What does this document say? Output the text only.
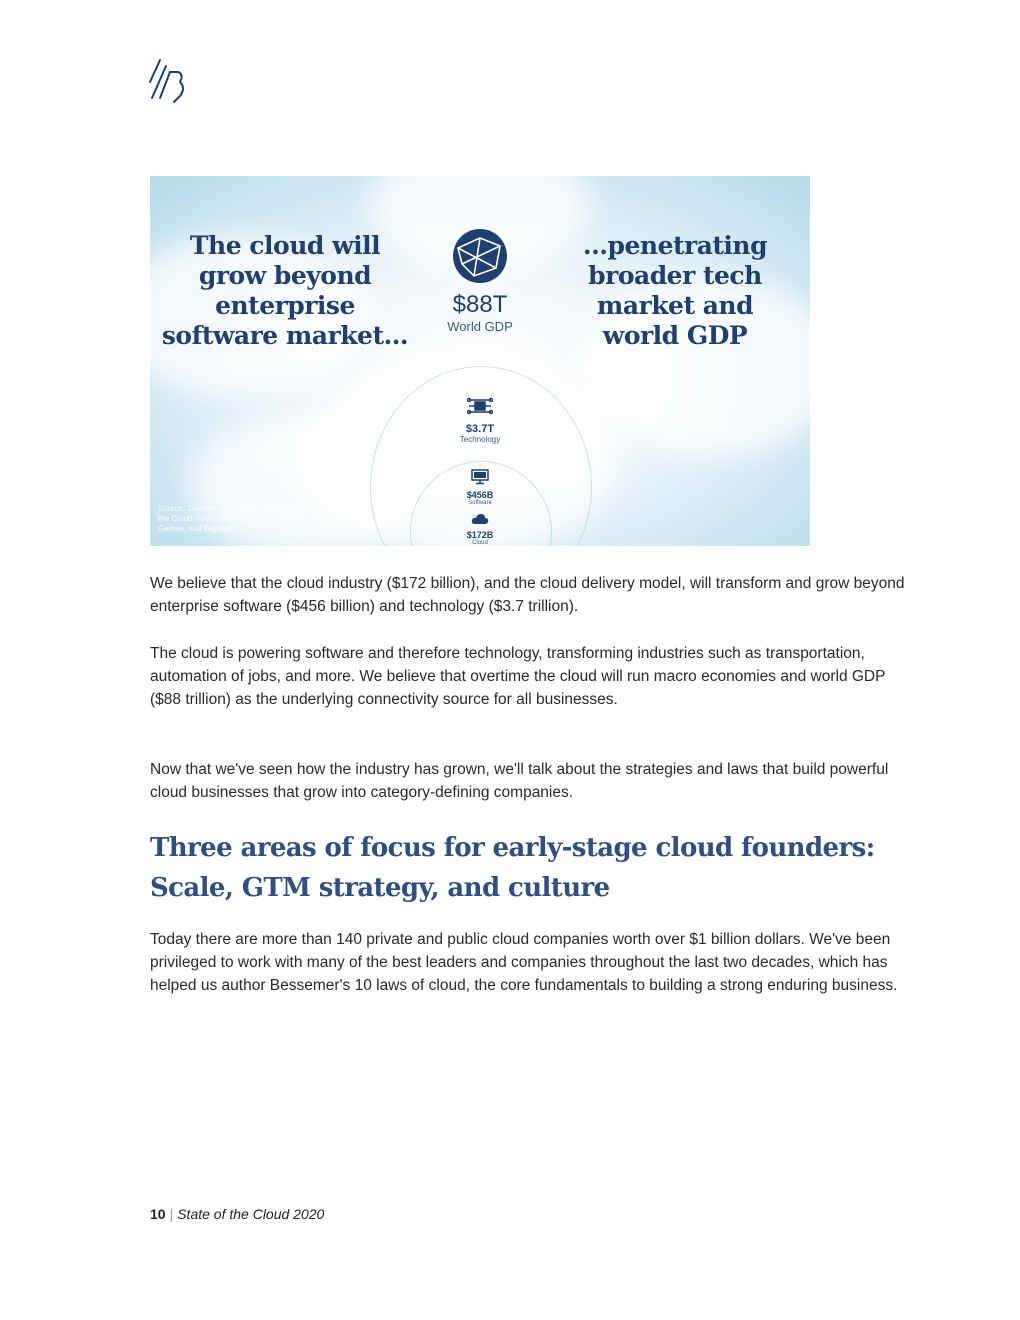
The cloud will grow beyond enterprise software market...
...penetrating broader tech market and world GDP
$88T
World GDP
$3.7T
Technology
$456B
Software
$172B
Cloud
Source: Gartner, World Bank, "Investing in the Cloud: From Gold Rush to Hunger Games, and Beyond"

We believe that the cloud industry ($172 billion), and the cloud delivery model, will transform and grow beyond enterprise software ($456 billion) and technology ($3.7 trillion).

The cloud is powering software and therefore technology, transforming industries such as transportation, automation of jobs, and more. We believe that overtime the cloud will run macro economies and world GDP ($88 trillion) as the underlying connectivity source for all businesses.

Now that we've seen how the industry has grown, we'll talk about the strategies and laws that build powerful cloud businesses that grow into category-defining companies.

Three areas of focus for early-stage cloud founders: Scale, GTM strategy, and culture

Today there are more than 140 private and public cloud companies worth over $1 billion dollars. We've been privileged to work with many of the best leaders and companies throughout the last two decades, which has helped us author Bessemer's 10 laws of cloud, the core fundamentals to building a strong enduring business.

10 | State of the Cloud 2020
